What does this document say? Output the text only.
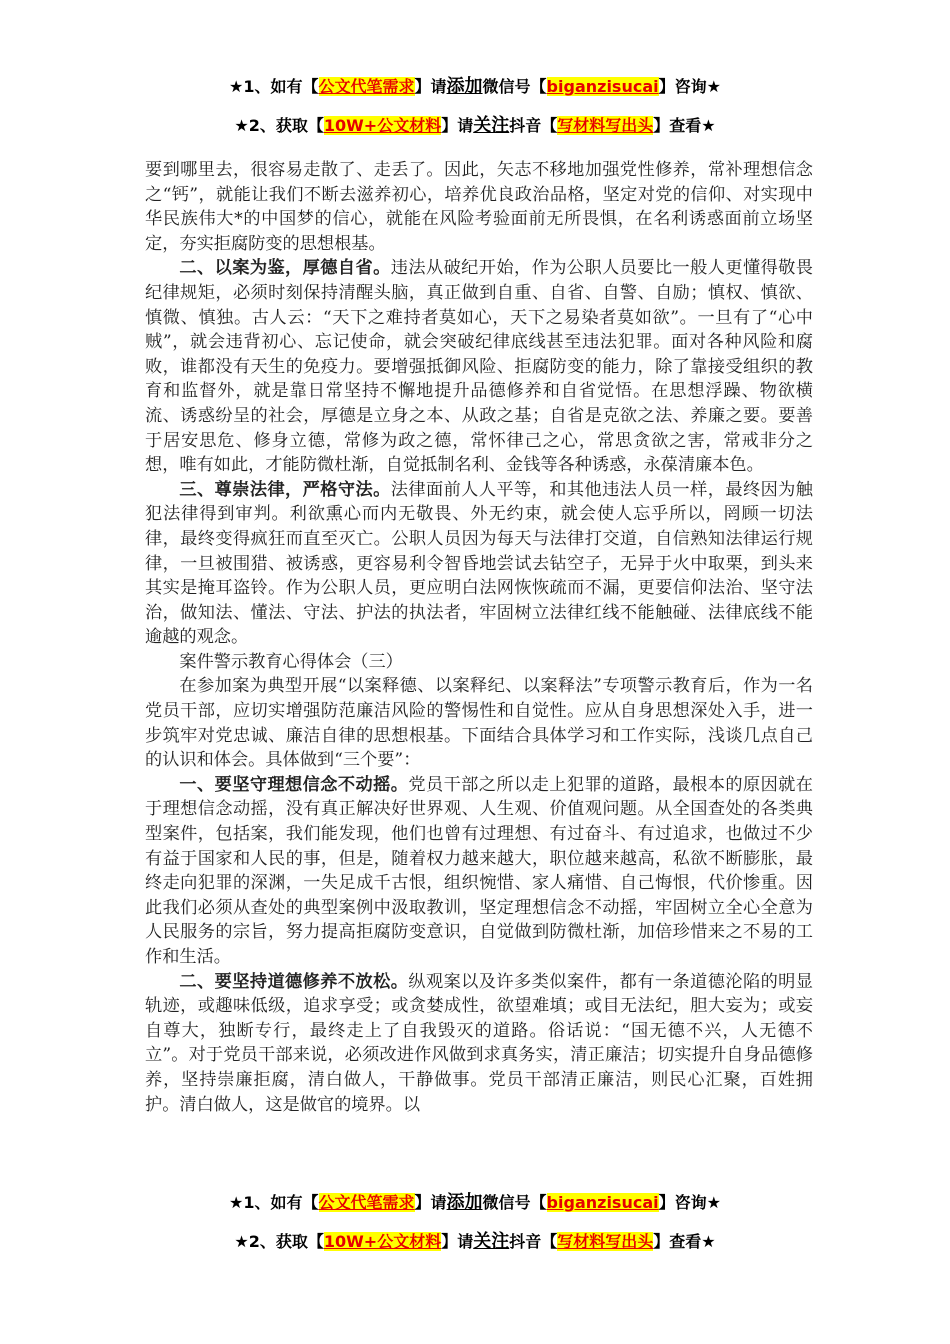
★1、如有【公文代笔需求】请添加微信号【biganzisucai】咨询★
★2、获取【10W+公文材料】请关注抖音【写材料写出头】查看★

要到哪里去，很容易走散了、走丢了。因此，矢志不移地加强党性修养，常补理想信念之“钙”，就能让我们不断去滋养初心，培养优良政治品格，坚定对党的信仰、对实现中华民族伟大*的中国梦的信心，就能在风险考验面前无所畏惧，在名利诱惑面前立场坚定，夯实拒腐防变的思想根基。

二、以案为鉴，厚德自省。违法从破纪开始，作为公职人员要比一般人更懂得敬畏纪律规矩，必须时刻保持清醒头脑，真正做到自重、自省、自警、自励；慎权、慎欲、慎微、慎独。古人云：“天下之难持者莫如心，天下之易染者莫如欲”。一旦有了“心中贼”，就会违背初心、忘记使命，就会突破纪律底线甚至违法犯罪。面对各种风险和腐败，谁都没有天生的免疫力。要增强抵御风险、拒腐防变的能力，除了靠接受组织的教育和监督外，就是靠日常坚持不懈地提升品德修养和自省觉悟。在思想浮躁、物欲横流、诱惑纷呈的社会，厚德是立身之本、从政之基；自省是克欲之法、养廉之要。要善于居安思危、修身立德，常修为政之德，常怀律己之心，常思贪欲之害，常戒非分之想，唯有如此，才能防微杜渐，自觉抵制名利、金钱等各种诱惑，永葆清廉本色。

三、尊崇法律，严格守法。法律面前人人平等，和其他违法人员一样，最终因为触犯法律得到审判。利欲熏心而内无敬畏、外无约束，就会使人忘乎所以，罔顾一切法律，最终变得疯狂而直至灭亡。公职人员因为每天与法律打交道，自信熟知法律运行规律，一旦被围猎、被诱惑，更容易利令智昏地尝试去钻空子，无异于火中取栗，到头来其实是掩耳盗铃。作为公职人员，更应明白法网恢恢疏而不漏，更要信仰法治、坚守法治，做知法、懂法、守法、护法的执法者，牢固树立法律红线不能触碰、法律底线不能逾越的观念。

案件警示教育心得体会（三）

在参加案为典型开展“以案释德、以案释纪、以案释法”专项警示教育后，作为一名党员干部，应切实增强防范廉洁风险的警惕性和自觉性。应从自身思想深处入手，进一步筑牢对党忠诚、廉洁自律的思想根基。下面结合具体学习和工作实际，浅谈几点自己的认识和体会。具体做到“三个要”：

一、要坚守理想信念不动摇。党员干部之所以走上犯罪的道路，最根本的原因就在于理想信念动摇，没有真正解决好世界观、人生观、价值观问题。从全国查处的各类典型案件，包括案，我们能发现，他们也曾有过理想、有过奋斗、有过追求，也做过不少有益于国家和人民的事，但是，随着权力越来越大，职位越来越高，私欲不断膨胀，最终走向犯罪的深渊，一失足成千古恨，组织惋惜、家人痛惜、自己悔恨，代价惨重。因此我们必须从查处的典型案例中汲取教训，坚定理想信念不动摇，牢固树立全心全意为人民服务的宗旨，努力提高拒腐防变意识，自觉做到防微杜渐，加倍珍惜来之不易的工作和生活。

二、要坚持道德修养不放松。纵观案以及许多类似案件，都有一条道德沦陷的明显轨迹，或趣味低级，追求享受；或贪婪成性，欲望难填；或目无法纪，胆大妄为；或妄自尊大，独断专行，最终走上了自我毁灭的道路。俗话说：“国无德不兴，人无德不立”。对于党员干部来说，必须改进作风做到求真务实，清正廉洁；切实提升自身品德修养，坚持崇廉拒腐，清白做人，干静做事。党员干部清正廉洁，则民心汇聚，百姓拥护。清白做人，这是做官的境界。以

★1、如有【公文代笔需求】请添加微信号【biganzisucai】咨询★
★2、获取【10W+公文材料】请关注抖音【写材料写出头】查看★
